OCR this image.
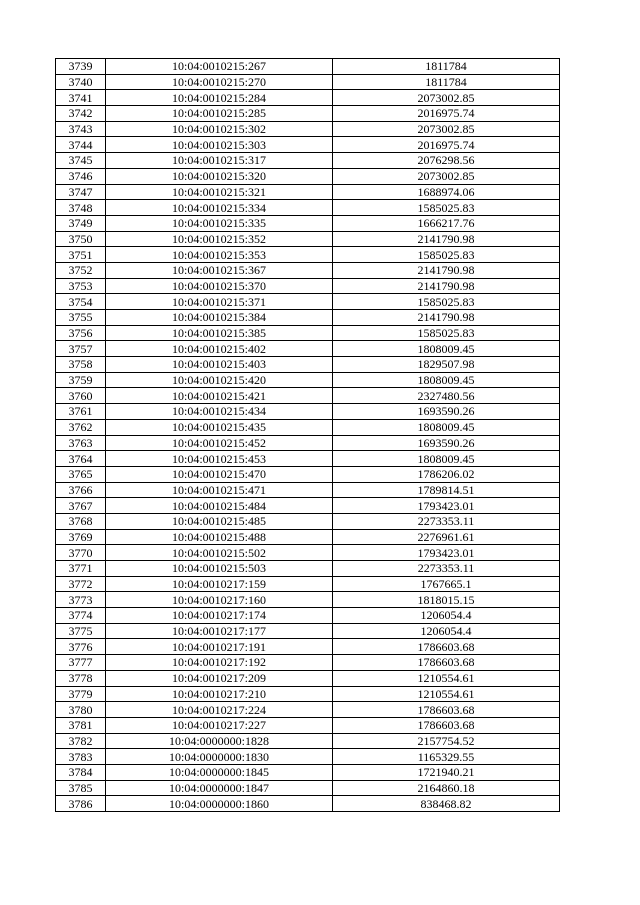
3739	10:04:0010215:267	1811784
3740	10:04:0010215:270	1811784
3741	10:04:0010215:284	2073002.85
3742	10:04:0010215:285	2016975.74
3743	10:04:0010215:302	2073002.85
3744	10:04:0010215:303	2016975.74
3745	10:04:0010215:317	2076298.56
3746	10:04:0010215:320	2073002.85
3747	10:04:0010215:321	1688974.06
3748	10:04:0010215:334	1585025.83
3749	10:04:0010215:335	1666217.76
3750	10:04:0010215:352	2141790.98
3751	10:04:0010215:353	1585025.83
3752	10:04:0010215:367	2141790.98
3753	10:04:0010215:370	2141790.98
3754	10:04:0010215:371	1585025.83
3755	10:04:0010215:384	2141790.98
3756	10:04:0010215:385	1585025.83
3757	10:04:0010215:402	1808009.45
3758	10:04:0010215:403	1829507.98
3759	10:04:0010215:420	1808009.45
3760	10:04:0010215:421	2327480.56
3761	10:04:0010215:434	1693590.26
3762	10:04:0010215:435	1808009.45
3763	10:04:0010215:452	1693590.26
3764	10:04:0010215:453	1808009.45
3765	10:04:0010215:470	1786206.02
3766	10:04:0010215:471	1789814.51
3767	10:04:0010215:484	1793423.01
3768	10:04:0010215:485	2273353.11
3769	10:04:0010215:488	2276961.61
3770	10:04:0010215:502	1793423.01
3771	10:04:0010215:503	2273353.11
3772	10:04:0010217:159	1767665.1
3773	10:04:0010217:160	1818015.15
3774	10:04:0010217:174	1206054.4
3775	10:04:0010217:177	1206054.4
3776	10:04:0010217:191	1786603.68
3777	10:04:0010217:192	1786603.68
3778	10:04:0010217:209	1210554.61
3779	10:04:0010217:210	1210554.61
3780	10:04:0010217:224	1786603.68
3781	10:04:0010217:227	1786603.68
3782	10:04:0000000:1828	2157754.52
3783	10:04:0000000:1830	1165329.55
3784	10:04:0000000:1845	1721940.21
3785	10:04:0000000:1847	2164860.18
3786	10:04:0000000:1860	838468.82
